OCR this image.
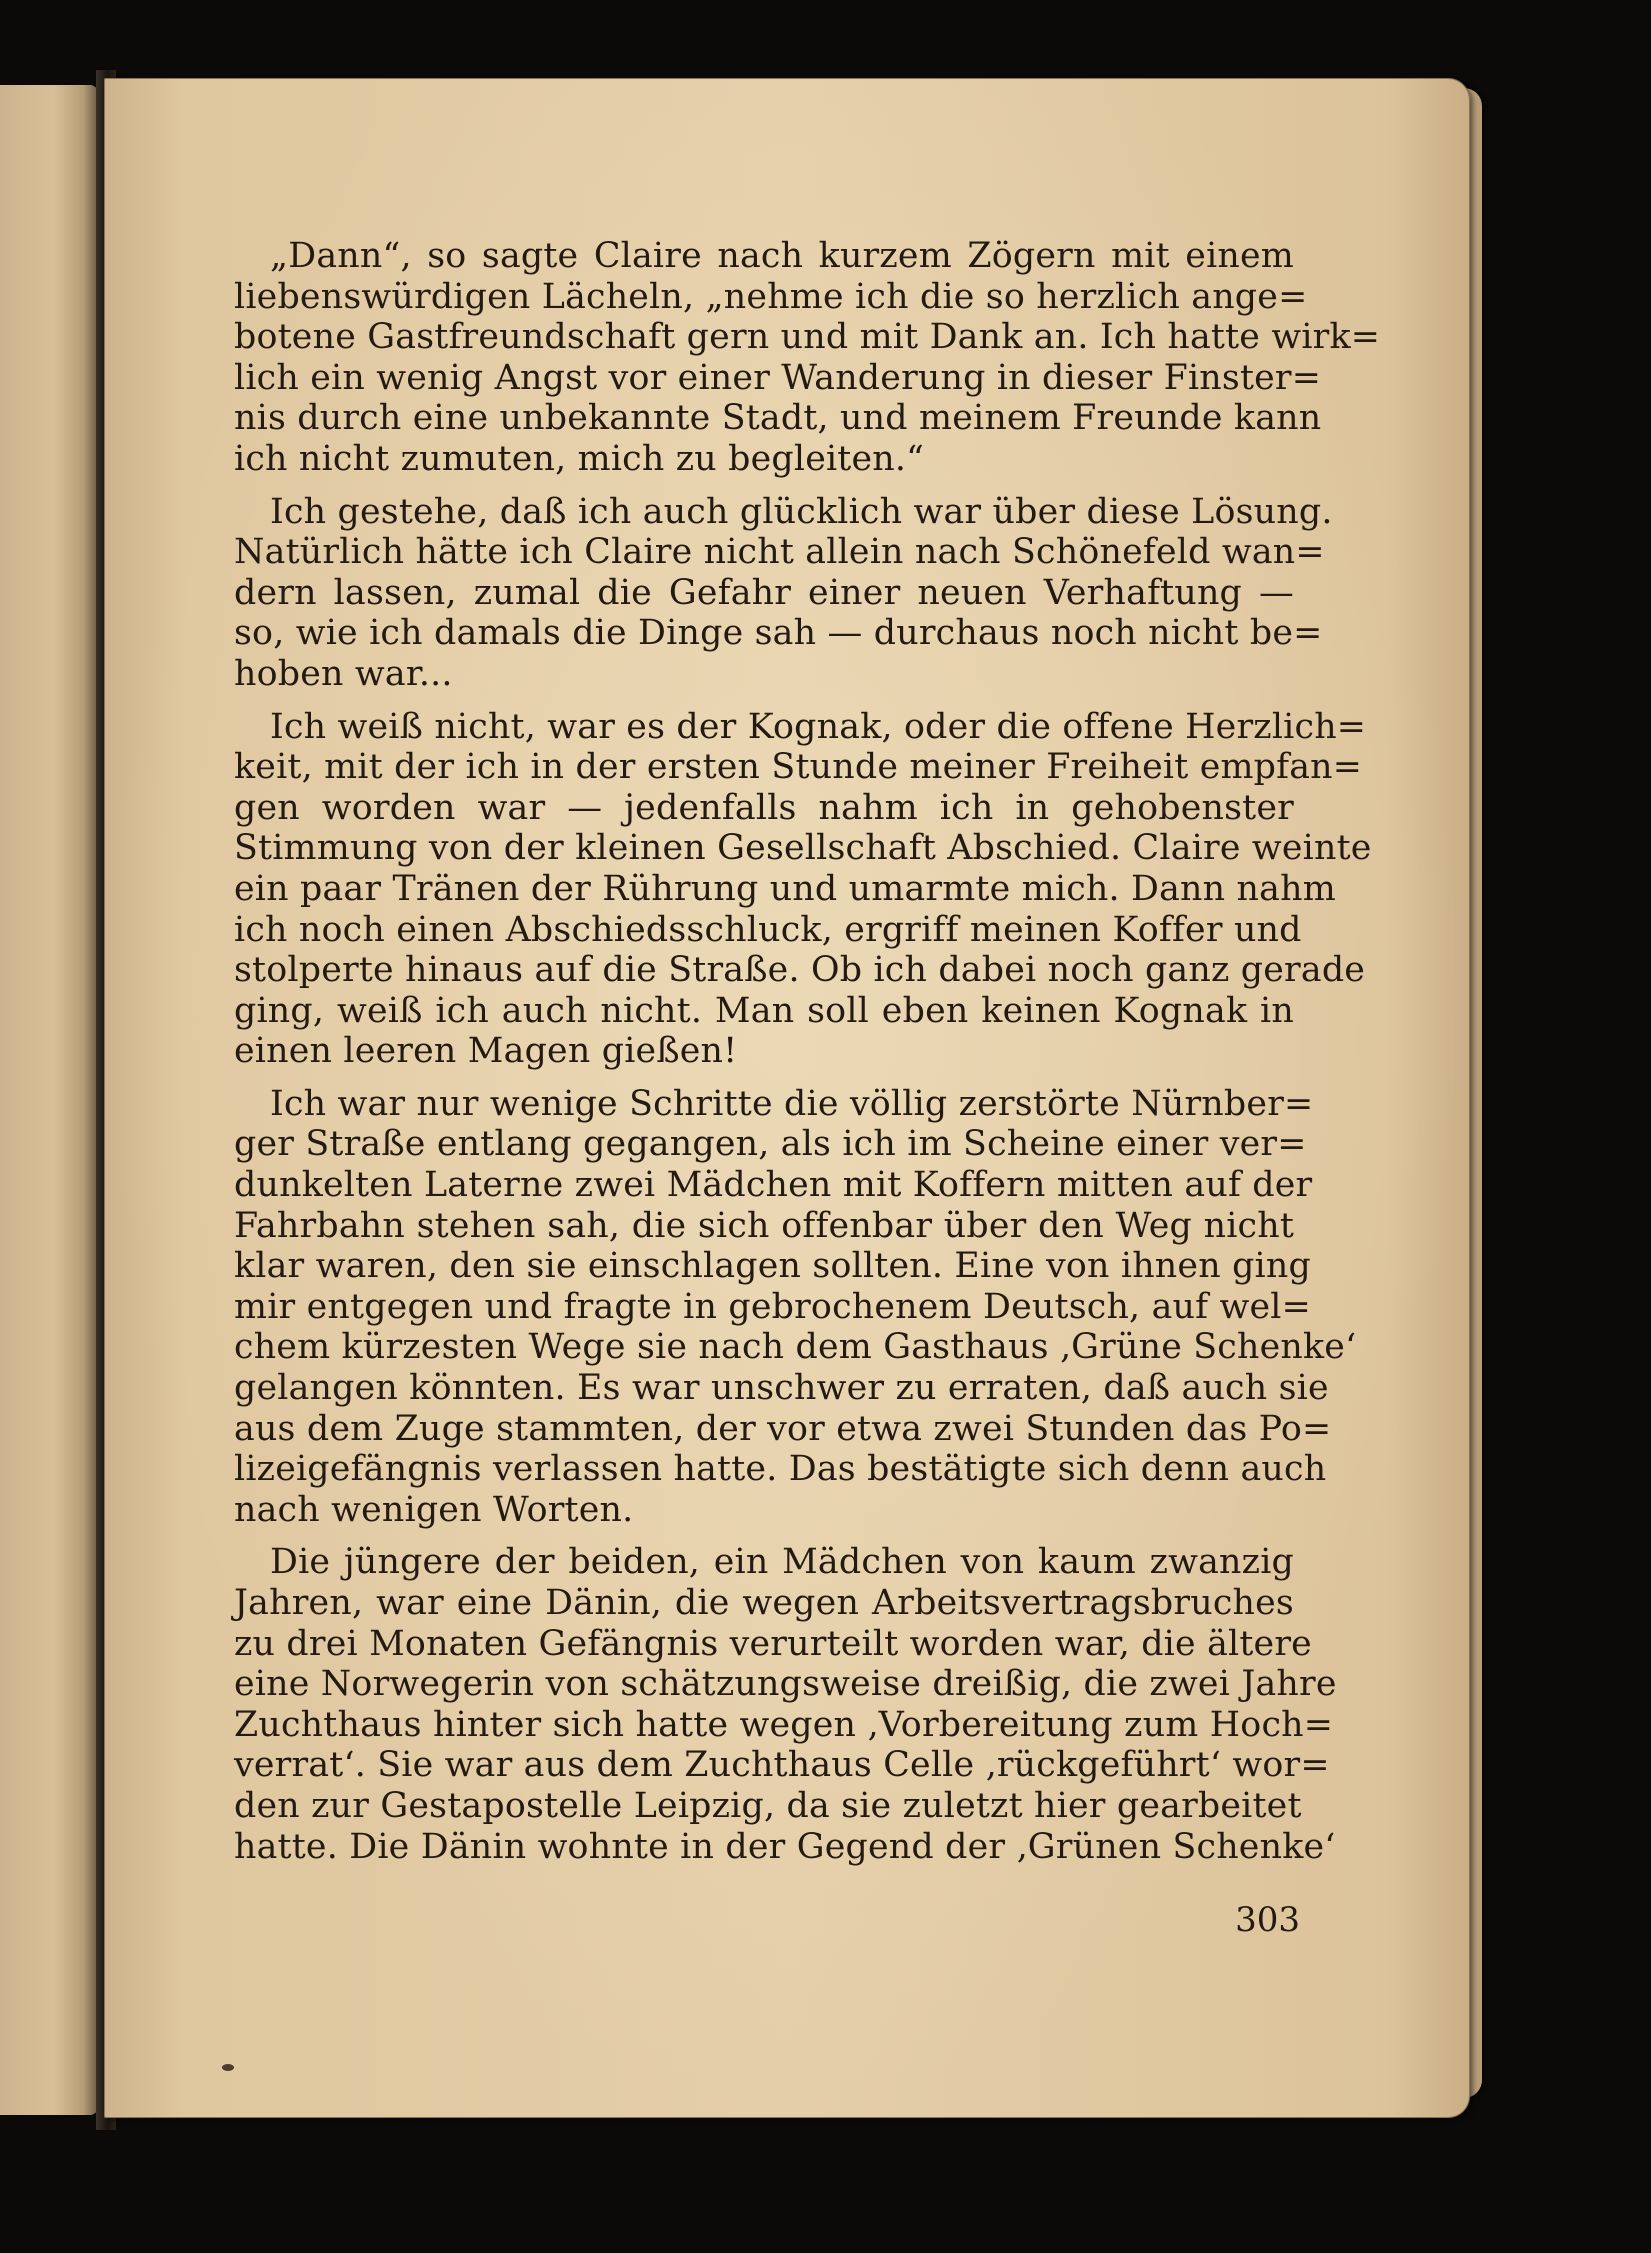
„Dann“, so sagte Claire nach kurzem Zögern mit einem
liebenswürdigen Lächeln, „nehme ich die so herzlich ange=
botene Gastfreundschaft gern und mit Dank an. Ich hatte wirk=
lich ein wenig Angst vor einer Wanderung in dieser Finster=
nis durch eine unbekannte Stadt, und meinem Freunde kann
ich nicht zumuten, mich zu begleiten.“
Ich gestehe, daß ich auch glücklich war über diese Lösung.
Natürlich hätte ich Claire nicht allein nach Schönefeld wan=
dern lassen, zumal die Gefahr einer neuen Verhaftung —
so, wie ich damals die Dinge sah — durchaus noch nicht be=
hoben war...
Ich weiß nicht, war es der Kognak, oder die offene Herzlich=
keit, mit der ich in der ersten Stunde meiner Freiheit empfan=
gen worden war — jedenfalls nahm ich in gehobenster
Stimmung von der kleinen Gesellschaft Abschied. Claire weinte
ein paar Tränen der Rührung und umarmte mich. Dann nahm
ich noch einen Abschiedsschluck, ergriff meinen Koffer und
stolperte hinaus auf die Straße. Ob ich dabei noch ganz gerade
ging, weiß ich auch nicht. Man soll eben keinen Kognak in
einen leeren Magen gießen!
Ich war nur wenige Schritte die völlig zerstörte Nürnber=
ger Straße entlang gegangen, als ich im Scheine einer ver=
dunkelten Laterne zwei Mädchen mit Koffern mitten auf der
Fahrbahn stehen sah, die sich offenbar über den Weg nicht
klar waren, den sie einschlagen sollten. Eine von ihnen ging
mir entgegen und fragte in gebrochenem Deutsch, auf wel=
chem kürzesten Wege sie nach dem Gasthaus ‚Grüne Schenke‘
gelangen könnten. Es war unschwer zu erraten, daß auch sie
aus dem Zuge stammten, der vor etwa zwei Stunden das Po=
lizeigefängnis verlassen hatte. Das bestätigte sich denn auch
nach wenigen Worten.
Die jüngere der beiden, ein Mädchen von kaum zwanzig
Jahren, war eine Dänin, die wegen Arbeitsvertragsbruches
zu drei Monaten Gefängnis verurteilt worden war, die ältere
eine Norwegerin von schätzungsweise dreißig, die zwei Jahre
Zuchthaus hinter sich hatte wegen ‚Vorbereitung zum Hoch=
verrat‘. Sie war aus dem Zuchthaus Celle ‚rückgeführt‘ wor=
den zur Gestapostelle Leipzig, da sie zuletzt hier gearbeitet
hatte. Die Dänin wohnte in der Gegend der ‚Grünen Schenke‘
303
